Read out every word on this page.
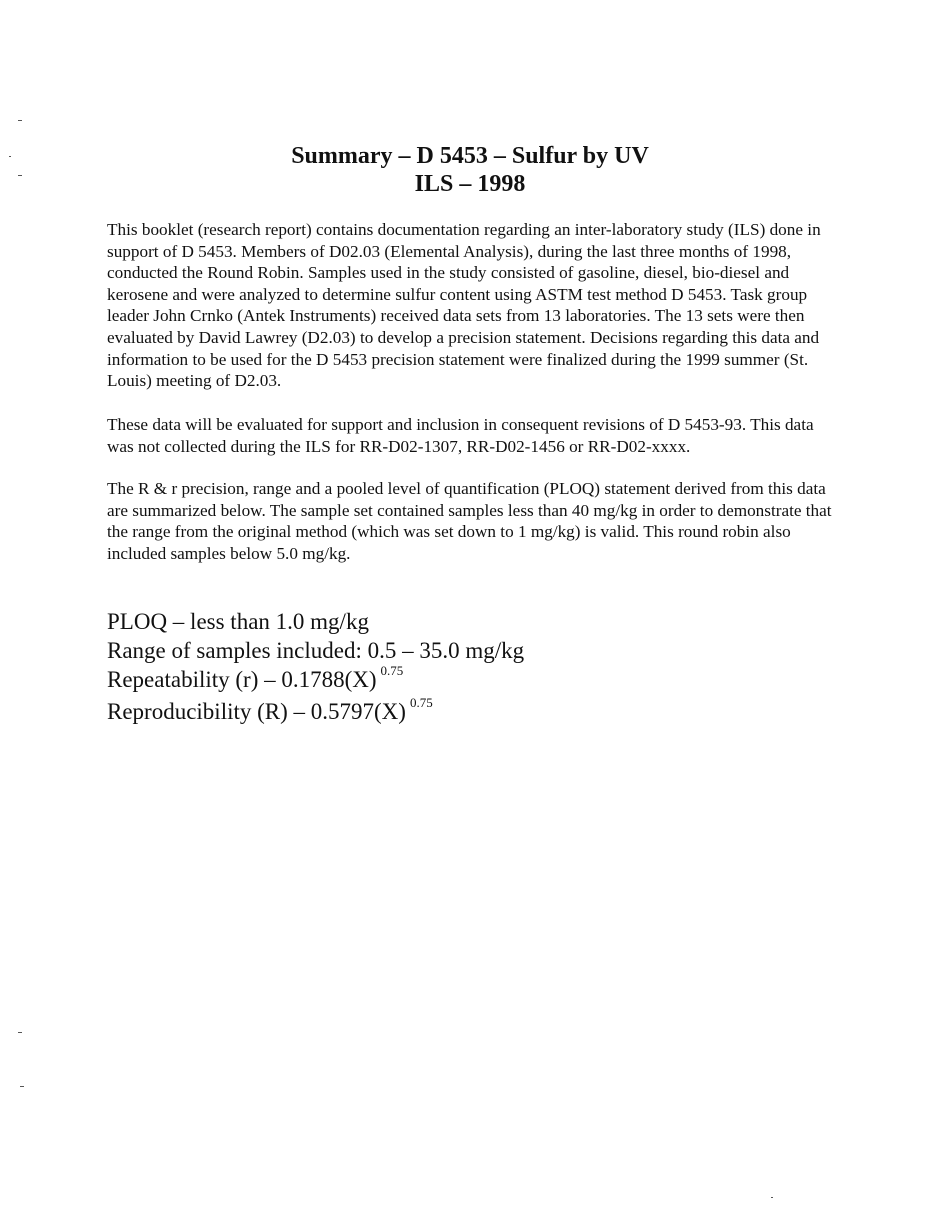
Summary – D 5453 – Sulfur by UV
ILS – 1998

This booklet (research report) contains documentation regarding an inter-laboratory study (ILS) done in support of D 5453. Members of D02.03 (Elemental Analysis), during the last three months of 1998, conducted the Round Robin. Samples used in the study consisted of gasoline, diesel, bio-diesel and kerosene and were analyzed to determine sulfur content using ASTM test method D 5453. Task group leader John Crnko (Antek Instruments) received data sets from 13 laboratories. The 13 sets were then evaluated by David Lawrey (D2.03) to develop a precision statement. Decisions regarding this data and information to be used for the D 5453 precision statement were finalized during the 1999 summer (St. Louis) meeting of D2.03.

These data will be evaluated for support and inclusion in consequent revisions of D 5453-93. This data was not collected during the ILS for RR-D02-1307, RR-D02-1456 or RR-D02-xxxx.

The R & r precision, range and a pooled level of quantification (PLOQ) statement derived from this data are summarized below. The sample set contained samples less than 40 mg/kg in order to demonstrate that the range from the original method (which was set down to 1 mg/kg) is valid. This round robin also included samples below 5.0 mg/kg.

PLOQ – less than 1.0 mg/kg
Range of samples included: 0.5 – 35.0 mg/kg
Repeatability (r) – 0.1788(X) $^{0.75}$
Reproducibility (R) – 0.5797(X) $^{0.75}$
